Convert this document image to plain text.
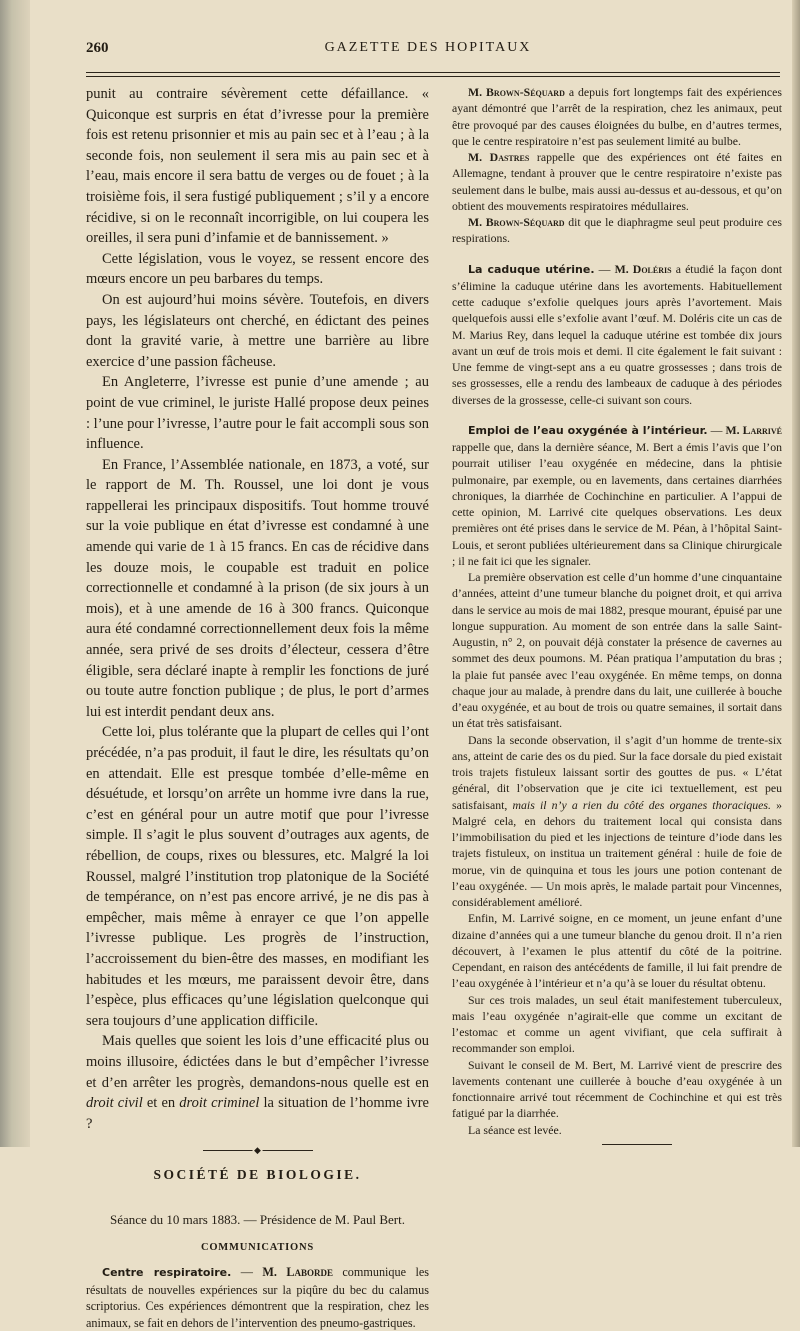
260	GAZETTE DES HOPITAUX

punit au contraire sévèrement cette défaillance. « Quiconque est surpris en état d’ivresse pour la première fois est retenu prisonnier et mis au pain sec et à l’eau ; à la seconde fois, non seulement il sera mis au pain sec et à l’eau, mais encore il sera battu de verges ou de fouet ; à la troisième fois, il sera fustigé publiquement ; s’il y a encore récidive, si on le reconnaît incorrigible, on lui coupera les oreilles, il sera puni d’infamie et de bannissement. »

Cette législation, vous le voyez, se ressent encore des mœurs encore un peu barbares du temps.

On est aujourd’hui moins sévère. Toutefois, en divers pays, les législateurs ont cherché, en édictant des peines dont la gravité varie, à mettre une barrière au libre exercice d’une passion fâcheuse.

En Angleterre, l’ivresse est punie d’une amende ; au point de vue criminel, le juriste Hallé propose deux peines : l’une pour l’ivresse, l’autre pour le fait accompli sous son influence.

En France, l’Assemblée nationale, en 1873, a voté, sur le rapport de M. Th. Roussel, une loi dont je vous rappellerai les principaux dispositifs. Tout homme trouvé sur la voie publique en état d’ivresse est condamné à une amende qui varie de 1 à 15 francs. En cas de récidive dans les douze mois, le coupable est traduit en police correctionnelle et condamné à la prison (de six jours à un mois), et à une amende de 16 à 300 francs. Quiconque aura été condamné correctionnellement deux fois la même année, sera privé de ses droits d’électeur, cessera d’être éligible, sera déclaré inapte à remplir les fonctions de juré ou toute autre fonction publique ; de plus, le port d’armes lui est interdit pendant deux ans.

Cette loi, plus tolérante que la plupart de celles qui l’ont précédée, n’a pas produit, il faut le dire, les résultats qu’on en attendait. Elle est presque tombée d’elle-même en désuétude, et lorsqu’on arrête un homme ivre dans la rue, c’est en général pour un autre motif que pour l’ivresse simple. Il s’agit le plus souvent d’outrages aux agents, de rébellion, de coups, rixes ou blessures, etc. Malgré la loi Roussel, malgré l’institution trop platonique de la Société de tempérance, on n’est pas encore arrivé, je ne dis pas à empêcher, mais même à enrayer ce que l’on appelle l’ivresse publique. Les progrès de l’instruction, l’accroissement du bien-être des masses, en modifiant les habitudes et les mœurs, me paraissent devoir être, dans l’espèce, plus efficaces qu’une législation quelconque qui sera toujours d’une application difficile.

Mais quelles que soient les lois d’une efficacité plus ou moins illusoire, édictées dans le but d’empêcher l’ivresse et d’en arrêter les progrès, demandons-nous quelle est en droit civil et en droit criminel la situation de l’homme ivre ?

◆
SOCIÉTÉ DE BIOLOGIE.
Séance du 10 mars 1883. — Présidence de M. Paul Bert.
COMMUNICATIONS

Centre respiratoire. — M. Laborde communique les résultats de nouvelles expériences sur la piqûre du bec du calamus scriptorius. Ces expériences démontrent que la respiration, chez les animaux, se fait en dehors de l’intervention des pneumo-gastriques.

M. Brown-Séquard a depuis fort longtemps fait des expériences ayant démontré que l’arrêt de la respiration, chez les animaux, peut être provoqué par des causes éloignées du bulbe, en d’autres termes, que le centre respiratoire n’est pas seulement limité au bulbe.

M. Dastres rappelle que des expériences ont été faites en Allemagne, tendant à prouver que le centre respiratoire n’existe pas seulement dans le bulbe, mais aussi au-dessus et au-dessous, et qu’on obtient des mouvements respiratoires médullaires.

M. Brown-Séquard dit que le diaphragme seul peut produire ces respirations.

La caduque utérine. — M. Doléris a étudié la façon dont s’élimine la caduque utérine dans les avortements. Habituellement cette caduque s’exfolie quelques jours après l’avortement. Mais quelquefois aussi elle s’exfolie avant l’œuf. M. Doléris cite un cas de M. Marius Rey, dans lequel la caduque utérine est tombée dix jours avant un œuf de trois mois et demi. Il cite également le fait suivant : Une femme de vingt-sept ans a eu quatre grossesses ; dans trois de ses grossesses, elle a rendu des lambeaux de caduque à des périodes diverses de la grossesse, celle-ci suivant son cours.

Emploi de l’eau oxygénée à l’intérieur. — M. Larrivé rappelle que, dans la dernière séance, M. Bert a émis l’avis que l’on pourrait utiliser l’eau oxygénée en médecine, dans la phtisie pulmonaire, par exemple, ou en lavements, dans certaines diarrhées chroniques, la diarrhée de Cochinchine en particulier. A l’appui de cette opinion, M. Larrivé cite quelques observations. Les deux premières ont été prises dans le service de M. Péan, à l’hôpital Saint-Louis, et seront publiées ultérieurement dans sa Clinique chirurgicale ; il ne fait ici que les signaler.

La première observation est celle d’un homme d’une cinquantaine d’années, atteint d’une tumeur blanche du poignet droit, et qui arriva dans le service au mois de mai 1882, presque mourant, épuisé par une longue suppuration. Au moment de son entrée dans la salle Saint-Augustin, n° 2, on pouvait déjà constater la présence de cavernes au sommet des deux poumons. M. Péan pratiqua l’amputation du bras ; la plaie fut pansée avec l’eau oxygénée. En même temps, on donna chaque jour au malade, à prendre dans du lait, une cuillerée à bouche d’eau oxygénée, et au bout de trois ou quatre semaines, il sortait dans un état très satisfaisant.

Dans la seconde observation, il s’agit d’un homme de trente-six ans, atteint de carie des os du pied. Sur la face dorsale du pied existait trois trajets fistuleux laissant sortir des gouttes de pus. « L’état général, dit l’observation que je cite ici textuellement, est peu satisfaisant, mais il n’y a rien du côté des organes thoraciques. » Malgré cela, en dehors du traitement local qui consista dans l’immobilisation du pied et les injections de teinture d’iode dans les trajets fistuleux, on institua un traitement général : huile de foie de morue, vin de quinquina et tous les jours une potion contenant de l’eau oxygénée. — Un mois après, le malade partait pour Vincennes, considérablement amélioré.

Enfin, M. Larrivé soigne, en ce moment, un jeune enfant d’une dizaine d’années qui a une tumeur blanche du genou droit. Il n’a rien découvert, à l’examen le plus attentif du côté de la poitrine. Cependant, en raison des antécédents de famille, il lui fait prendre de l’eau oxygénée à l’intérieur et n’a qu’à se louer du résultat obtenu.

Sur ces trois malades, un seul était manifestement tuberculeux, mais l’eau oxygénée n’agirait-elle que comme un excitant de l’estomac et comme un agent vivifiant, que cela suffirait à recommander son emploi.

Suivant le conseil de M. Bert, M. Larrivé vient de prescrire des lavements contenant une cuillerée à bouche d’eau oxygénée à un fonctionnaire arrivé tout récemment de Cochinchine et qui est très fatigué par la diarrhée.

La séance est levée.
